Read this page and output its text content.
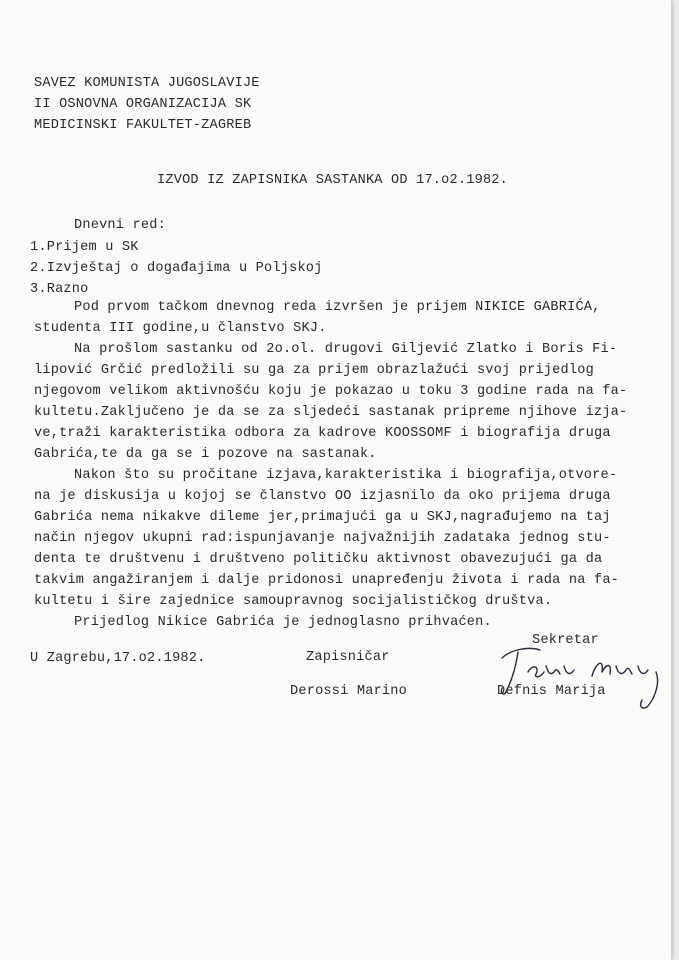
SAVEZ KOMUNISTA JUGOSLAVIJE
II OSNOVNA ORGANIZACIJA SK
MEDICINSKI FAKULTET-ZAGREB
IZVOD IZ ZAPISNIKA SASTANKA OD 17.o2.1982.
Dnevni red:
1.Prijem u SK
2.Izvještaj o događajima u Poljskoj
3.Razno
Pod prvom tačkom dnevnog reda izvršen je prijem NIKICE GABRIĆA,
studenta III godine,u članstvo SKJ.
Na prošlom sastanku od 2o.ol. drugovi Giljević Zlatko i Boris Fi-
lipović Grčić predložili su ga za prijem obrazlažući svoj prijedlog
njegovom velikom aktivnošću koju je pokazao u toku 3 godine rada na fa-
kultetu.Zaključeno je da se za sljedeći sastanak pripreme njihove izja-
ve,traži karakteristika odbora za kadrove KOOSSOMF i biografija druga
Gabrića,te da ga se i pozove na sastanak.
Nakon što su pročitane izjava,karakteristika i biografija,otvore-
na je diskusija u kojoj se članstvo OO izjasnilo da oko prijema druga
Gabrića nema nikakve dileme jer,primajući ga u SKJ,nagrađujemo na taj
način njegov ukupni rad:ispunjavanje najvažnijih zadataka jednog stu-
denta te društvenu i društveno političku aktivnost obavezujući ga da
takvim angažiranjem i dalje pridonosi unapređenju života i rada na fa-
kultetu i šire zajednice samoupravnog socijalističkog društva.
Prijedlog Nikice Gabrića je jednoglasno prihvaćen.
U Zagrebu,17.o2.1982.	Zapisničar
Derossi Marino
Sekretar
Defnis Marija
